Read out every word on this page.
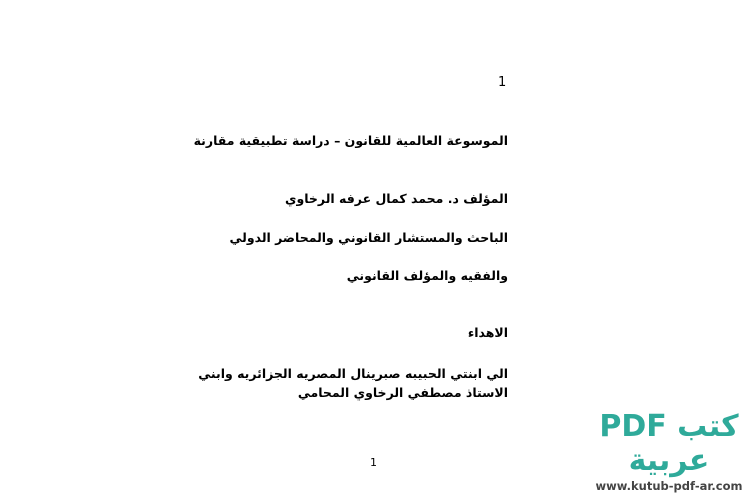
1
الموسوعة العالمية للقانون – دراسة تطبيقية مقارنة
المؤلف د. محمد كمال عرفه الرخاوي
الباحث والمستشار القانوني والمحاضر الدولي
والفقيه والمؤلف القانوني
الاهداء
الي ابنتي الحبيبه صبرينال المصريه الجزائريه وابني
الاستاذ مصطفي الرخاوي المحامي
1
كتب PDF عربية
www.kutub-pdf-ar.com
